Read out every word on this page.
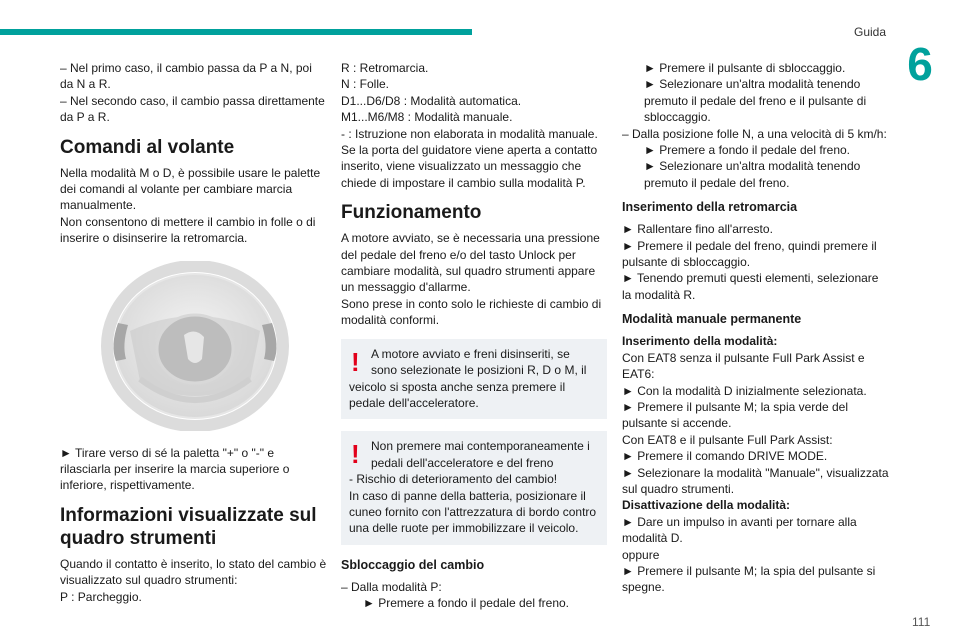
Guida
6
111

– Nel primo caso, il cambio passa da P a N, poi da N a R.

– Nel secondo caso, il cambio passa direttamente da P a R.

Comandi al volante

Nella modalità M o D, è possibile usare le palette dei comandi al volante per cambiare marcia manualmente.

Non consentono di mettere il cambio in folle o di inserire o disinserire la retromarcia.

► Tirare verso di sé la paletta "+" o "-" e rilasciarla per inserire la marcia superiore o inferiore, rispettivamente.

Informazioni visualizzate sul quadro strumenti

Quando il contatto è inserito, lo stato del cambio è visualizzato sul quadro strumenti:

P : Parcheggio.

R : Retromarcia.

N : Folle.

D1...D6/D8 : Modalità automatica.

M1...M6/M8 : Modalità manuale.

- : Istruzione non elaborata in modalità manuale.

Se la porta del guidatore viene aperta a contatto inserito, viene visualizzato un messaggio che chiede di impostare il cambio sulla modalità P.

Funzionamento

A motore avviato, se è necessaria una pressione del pedale del freno e/o del tasto Unlock per cambiare modalità, sul quadro strumenti appare un messaggio d'allarme.

Sono prese in conto solo le richieste di cambio di modalità conformi.

! A motore avviato e freni disinseriti, se sono selezionate le posizioni R, D o M, il

veicolo si sposta anche senza premere il pedale dell'acceleratore.

! Non premere mai contemporaneamente i pedali dell'acceleratore e del freno

- Rischio di deterioramento del cambio!

In caso di panne della batteria, posizionare il cuneo fornito con l'attrezzatura di bordo contro una delle ruote per immobilizzare il veicolo.

Sbloccaggio del cambio

– Dalla modalità P:

► Premere a fondo il pedale del freno.

► Premere il pulsante di sbloccaggio.

► Selezionare un'altra modalità tenendo premuto il pedale del freno e il pulsante di sbloccaggio.

– Dalla posizione folle N, a una velocità di 5 km/h:

► Premere a fondo il pedale del freno.

► Selezionare un'altra modalità tenendo premuto il pedale del freno.

Inserimento della retromarcia

► Rallentare fino all'arresto.

► Premere il pedale del freno, quindi premere il pulsante di sbloccaggio.

► Tenendo premuti questi elementi, selezionare la modalità R.

Modalità manuale permanente

Inserimento della modalità:

Con EAT8 senza il pulsante Full Park Assist e EAT6:

► Con la modalità D inizialmente selezionata.

► Premere il pulsante M; la spia verde del pulsante si accende.

Con EAT8 e il pulsante Full Park Assist:

► Premere il comando DRIVE MODE.

► Selezionare la modalità "Manuale", visualizzata sul quadro strumenti.

Disattivazione della modalità:

► Dare un impulso in avanti per tornare alla modalità D.

oppure

► Premere il pulsante M; la spia del pulsante si spegne.
